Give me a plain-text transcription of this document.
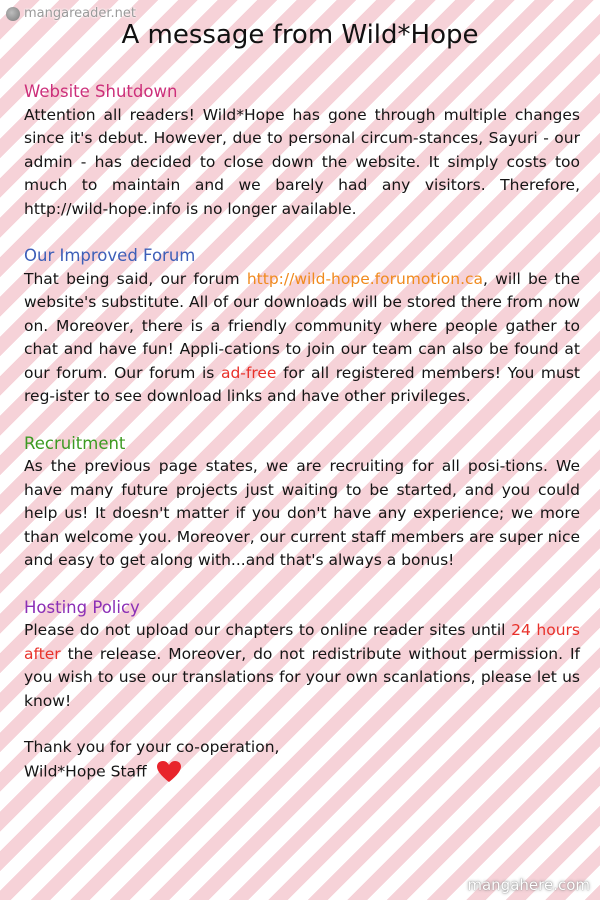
mangareader.net
A message from Wild*Hope
Website Shutdown
Attention all readers! Wild*Hope has gone through multiple changes since it's debut. However, due to personal circum-stances, Sayuri - our admin - has decided to close down the website. It simply costs too much to maintain and we barely had any visitors. Therefore, http://wild-hope.info is no longer available.
Our Improved Forum
That being said, our forum http://wild-hope.forumotion.ca, will be the website's substitute. All of our downloads will be stored there from now on. Moreover, there is a friendly community where people gather to chat and have fun! Appli-cations to join our team can also be found at our forum. Our forum is ad-free for all registered members! You must reg-ister to see download links and have other privileges.
Recruitment
As the previous page states, we are recruiting for all posi-tions. We have many future projects just waiting to be started, and you could help us! It doesn't matter if you don't have any experience; we more than welcome you. Moreover, our current staff members are super nice and easy to get along with...and that's always a bonus!
Hosting Policy
Please do not upload our chapters to online reader sites until 24 hours after the release. Moreover, do not redistribute without permission. If you wish to use our translations for your own scanlations, please let us know!
Thank you for your co-operation,
Wild*Hope Staff
mangahere.com
